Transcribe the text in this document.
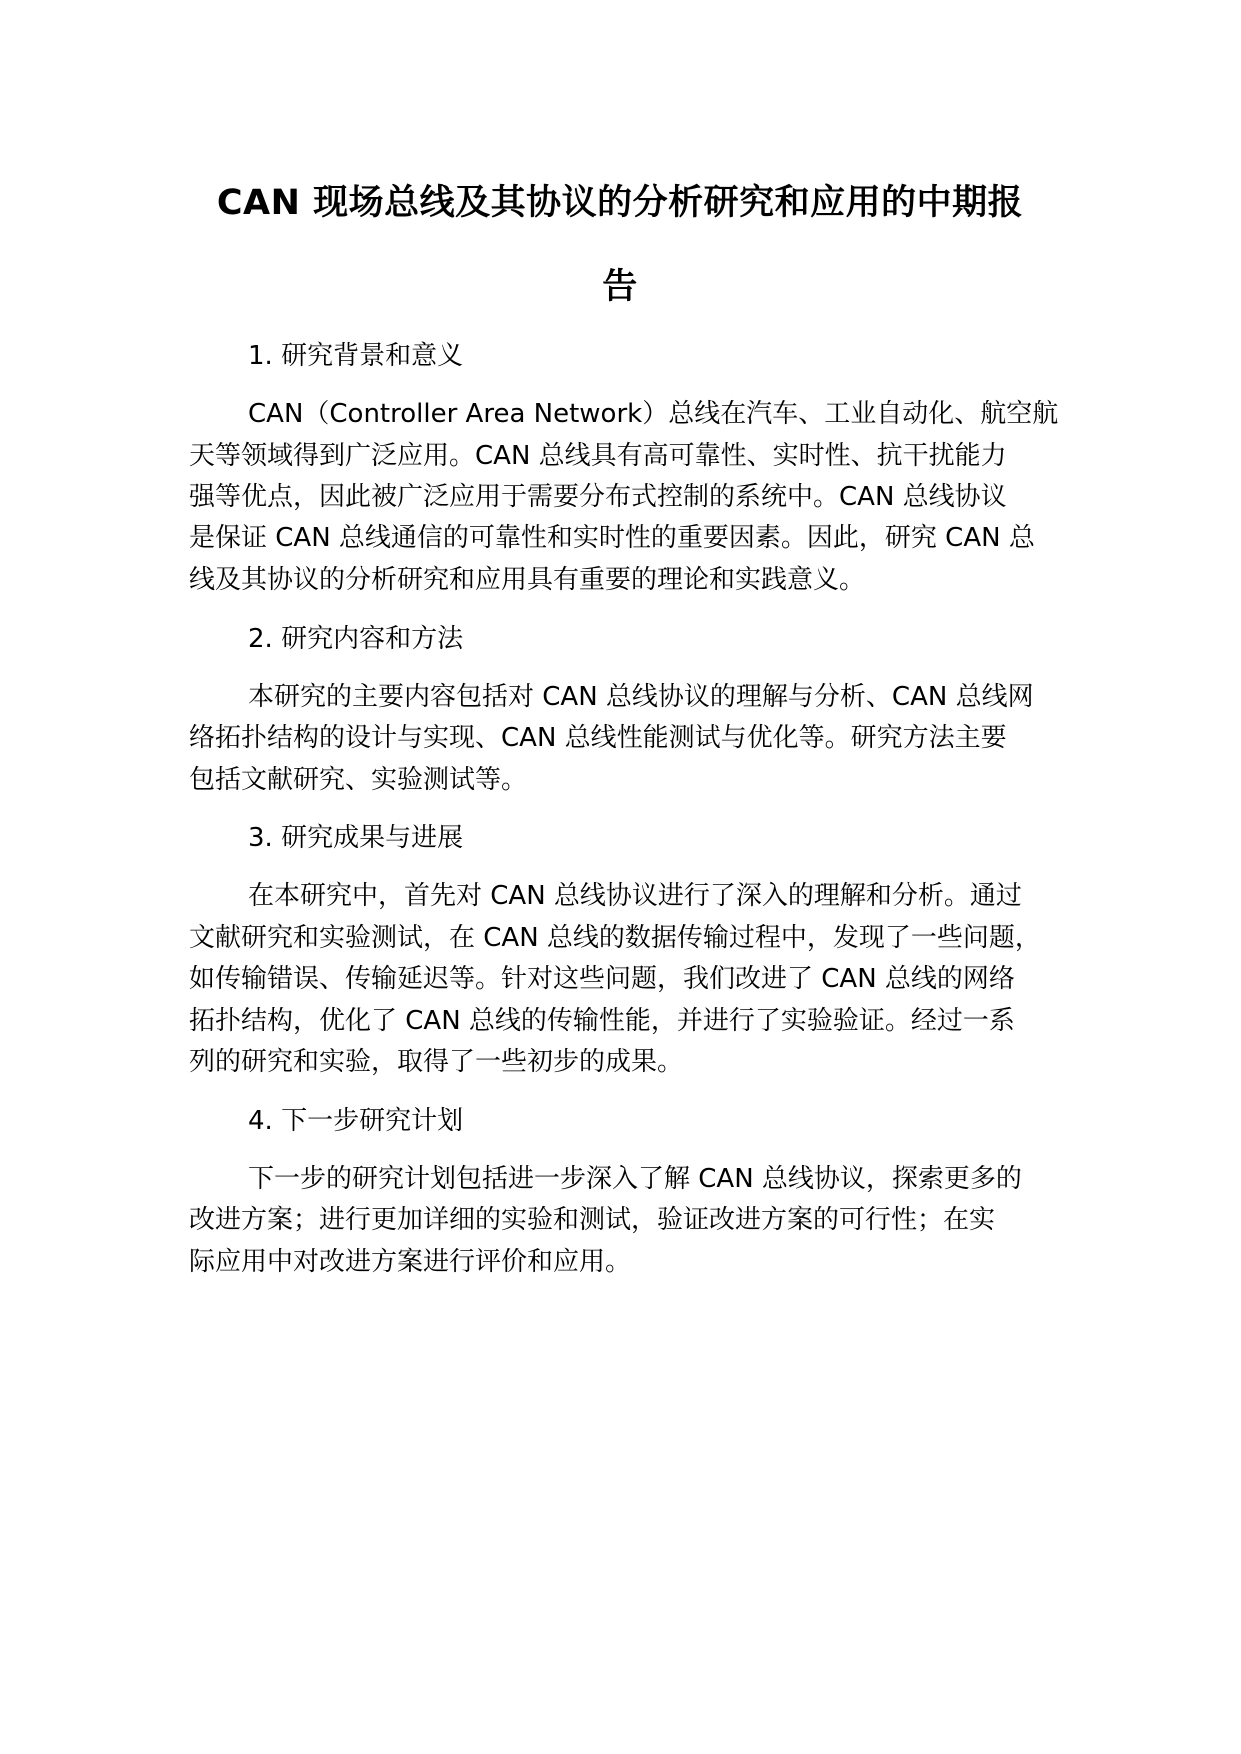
CAN 现场总线及其协议的分析研究和应用的中期报
告

1. 研究背景和意义

CAN（Controller Area Network）总线在汽车、工业自动化、航空航

天等领域得到广泛应用。CAN 总线具有高可靠性、实时性、抗干扰能力

强等优点，因此被广泛应用于需要分布式控制的系统中。CAN 总线协议

是保证 CAN 总线通信的可靠性和实时性的重要因素。因此，研究 CAN 总

线及其协议的分析研究和应用具有重要的理论和实践意义。

2. 研究内容和方法

本研究的主要内容包括对 CAN 总线协议的理解与分析、CAN 总线网

络拓扑结构的设计与实现、CAN 总线性能测试与优化等。研究方法主要

包括文献研究、实验测试等。

3. 研究成果与进展

在本研究中，首先对 CAN 总线协议进行了深入的理解和分析。通过

文献研究和实验测试，在 CAN 总线的数据传输过程中，发现了一些问题，

如传输错误、传输延迟等。针对这些问题，我们改进了 CAN 总线的网络

拓扑结构，优化了 CAN 总线的传输性能，并进行了实验验证。经过一系

列的研究和实验，取得了一些初步的成果。

4. 下一步研究计划

下一步的研究计划包括进一步深入了解 CAN 总线协议，探索更多的

改进方案；进行更加详细的实验和测试，验证改进方案的可行性；在实

际应用中对改进方案进行评价和应用。
